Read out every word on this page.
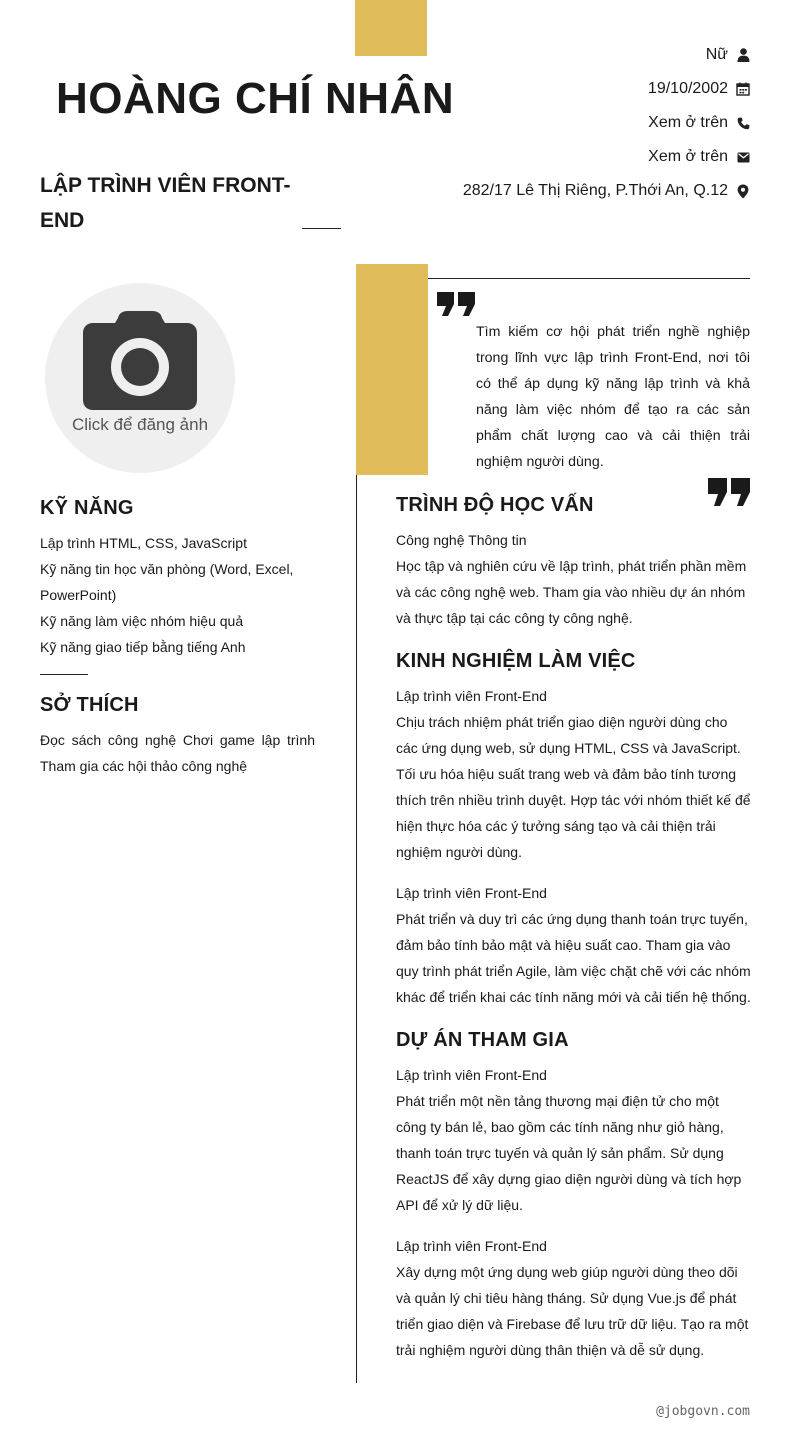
HOÀNG CHÍ NHÂN
LẬP TRÌNH VIÊN FRONT-END
Nữ
19/10/2002
Xem ở trên
Xem ở trên
282/17 Lê Thị Riêng, P.Thới An, Q.12
Click để đăng ảnh
Tìm kiếm cơ hội phát triển nghề nghiệp trong lĩnh vực lập trình Front-End, nơi tôi có thể áp dụng kỹ năng lập trình và khả năng làm việc nhóm để tạo ra các sản phẩm chất lượng cao và cải thiện trải nghiệm người dùng.
KỸ NĂNG
Lập trình HTML, CSS, JavaScript
Kỹ năng tin học văn phòng (Word, Excel, PowerPoint)
Kỹ năng làm việc nhóm hiệu quả
Kỹ năng giao tiếp bằng tiếng Anh
SỞ THÍCH
Đọc sách công nghệ Chơi game lập trình Tham gia các hội thảo công nghệ
TRÌNH ĐỘ HỌC VẤN
Công nghệ Thông tin
Học tập và nghiên cứu về lập trình, phát triển phần mềm và các công nghệ web. Tham gia vào nhiều dự án nhóm và thực tập tại các công ty công nghệ.
KINH NGHIỆM LÀM VIỆC
Lập trình viên Front-End
Chịu trách nhiệm phát triển giao diện người dùng cho các ứng dụng web, sử dụng HTML, CSS và JavaScript. Tối ưu hóa hiệu suất trang web và đảm bảo tính tương thích trên nhiều trình duyệt. Hợp tác với nhóm thiết kế để hiện thực hóa các ý tưởng sáng tạo và cải thiện trải nghiệm người dùng.
Lập trình viên Front-End
Phát triển và duy trì các ứng dụng thanh toán trực tuyến, đảm bảo tính bảo mật và hiệu suất cao. Tham gia vào quy trình phát triển Agile, làm việc chặt chẽ với các nhóm khác để triển khai các tính năng mới và cải tiến hệ thống.
DỰ ÁN THAM GIA
Lập trình viên Front-End
Phát triển một nền tảng thương mại điện tử cho một công ty bán lẻ, bao gồm các tính năng như giỏ hàng, thanh toán trực tuyến và quản lý sản phẩm. Sử dụng ReactJS để xây dựng giao diện người dùng và tích hợp API để xử lý dữ liệu.
Lập trình viên Front-End
Xây dựng một ứng dụng web giúp người dùng theo dõi và quản lý chi tiêu hàng tháng. Sử dụng Vue.js để phát triển giao diện và Firebase để lưu trữ dữ liệu. Tạo ra một trải nghiệm người dùng thân thiện và dễ sử dụng.
@jobgovn.com
